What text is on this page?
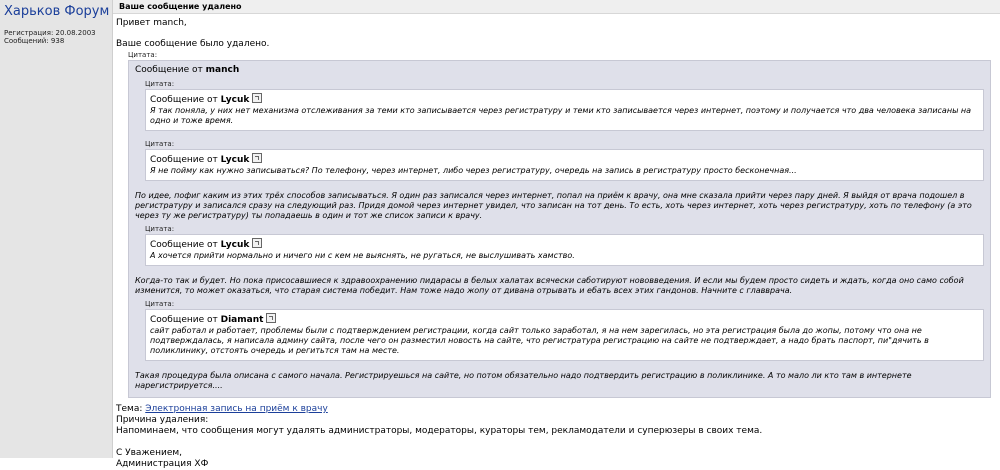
Харьков Форум
Регистрация: 20.08.2003
Сообщений: 938
Ваше сообщение удалено

Привет manch,

Ваше сообщение было удалено.

Цитата:
Сообщение от manch
Цитата:
Сообщение от Lycuk
Я так поняла, у них нет механизма отслеживания за теми кто записывается через регистратуру и теми кто записывается через интернет, поэтому и получается что два человека записаны на одно и тоже время.
Цитата:
Сообщение от Lycuk
Я не пойму как нужно записываться? По телефону, через интернет, либо через регистратуру, очередь на запись в регистратуру просто бесконечная...
По идее, пофиг каким из этих трёх способов записываться. Я один раз записался через интернет, попал на приём к врачу, она мне сказала прийти через пару дней. Я выйдя от врача подошел в регистратуру и записался сразу на следующий раз. Придя домой через интернет увидел, что записан на тот день. То есть, хоть через интернет, хоть через регистратуру, хоть по телефону (а это через ту же регистратуру) ты попадаешь в один и тот же список записи к врачу.
Цитата:
Сообщение от Lycuk
А хочется прийти нормально и ничего ни с кем не выяснять, не ругаться, не выслушивать хамство.
Когда-то так и будет. Но пока присосавшиеся к здравоохранению пидарасы в белых халатах всячески саботируют нововведения. И если мы будем просто сидеть и ждать, когда оно само собой изменится, то может оказаться, что старая система победит. Нам тоже надо жопу от дивана отрывать и ебать всех этих гандонов. Начните с главврача.
Цитата:
Сообщение от Diamant
сайт работал и работает, проблемы были с подтверждением регистрации, когда сайт только заработал, я на нем зарегилась, но эта регистрация была до жопы, потому что она не подтверждалась, я написала админу сайта, после чего он разместил новость на сайте, что регистратура регистрацию на сайте не подтверждает, а надо брать паспорт, пи"дячить в поликлинику, отстоять очередь и регитьтся там на месте.
Такая процедура была описана с самого начала. Регистрируешься на сайте, но потом обязательно надо подтвердить регистрацию в поликлинике. А то мало ли кто там в интернете нарегистрируется....
Тема: Электронная запись на приём к врачу
Причина удаления:
Напоминаем, что сообщения могут удалять администраторы, модераторы, кураторы тем, рекламодатели и суперюзеры в своих тема.
С Уважением,
Администрация ХФ
